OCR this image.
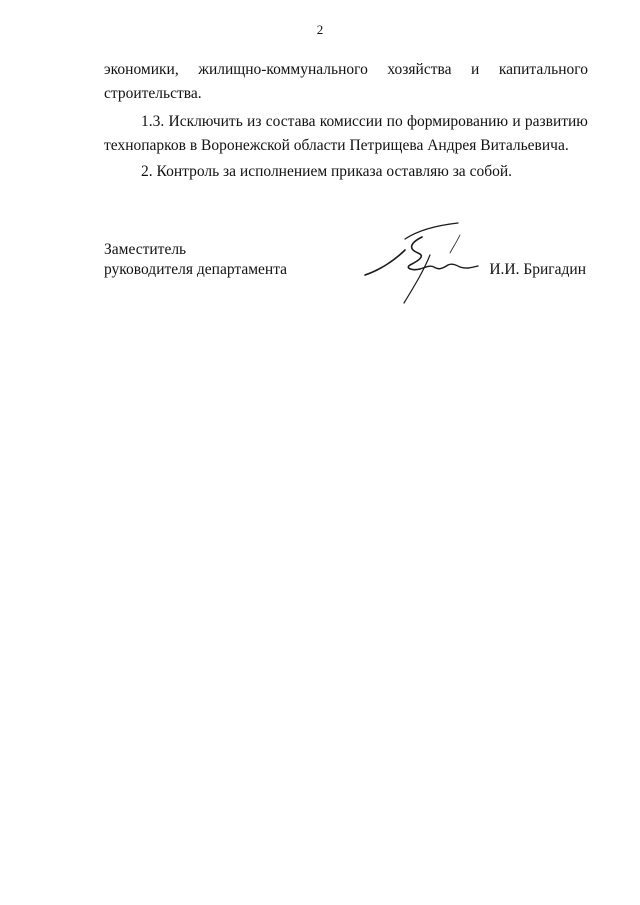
2
экономики, жилищно-коммунального хозяйства и капитального
строительства.
1.3. Исключить из состава комиссии по формированию и развитию
технопарков в Воронежской области Петрищева Андрея Витальевича.
2. Контроль за исполнением приказа оставляю за собой.
Заместитель
руководителя департамента	И.И. Бригадин
